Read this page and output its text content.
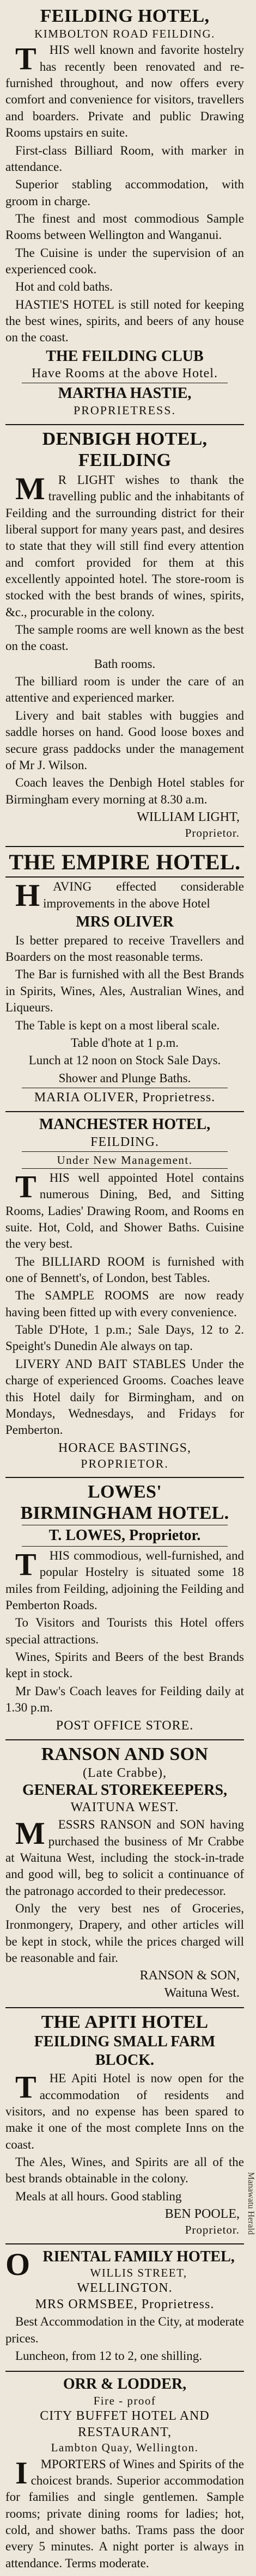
FEILDING HOTEL,
KIMBOLTON ROAD FEILDING.

THIS well known and favorite hostelry has recently been renovated and re-furnished throughout, and now offers every comfort and convenience for visitors, travellers and boarders. Private and public Drawing Rooms upstairs en suite.

First-class Billiard Room, with marker in attendance.

Superior stabling accommodation, with groom in charge.

The finest and most commodious Sample Rooms between Wellington and Wanganui.

The Cuisine is under the supervision of an experienced cook.

Hot and cold baths.

HASTIE'S HOTEL is still noted for keeping the best wines, spirits, and beers of any house on the coast.

THE FEILDING CLUB
Have Rooms at the above Hotel.
MARTHA HASTIE,
PROPRIETRESS.
DENBIGH HOTEL, FEILDING

MR LIGHT wishes to thank the travelling public and the inhabitants of Feilding and the surrounding district for their liberal support for many years past, and desires to state that they will still find every attention and comfort provided for them at this excellently appointed hotel. The store-room is stocked with the best brands of wines, spirits, &c., procurable in the colony.

The sample rooms are well known as the best on the coast.

Bath rooms.

The billiard room is under the care of an attentive and experienced marker.

Livery and bait stables with buggies and saddle horses on hand. Good loose boxes and secure grass paddocks under the management of Mr J. Wilson.

Coach leaves the Denbigh Hotel stables for Birmingham every morning at 8.30 a.m.

WILLIAM LIGHT,
Proprietor.
THE EMPIRE HOTEL.

HAVING effected considerable improvements in the above Hotel

MRS OLIVER

Is better prepared to receive Travellers and Boarders on the most reasonable terms.

The Bar is furnished with all the Best Brands in Spirits, Wines, Ales, Australian Wines, and Liqueurs.

The Table is kept on a most liberal scale.

Table d'hote at 1 p.m.

Lunch at 12 noon on Stock Sale Days.

Shower and Plunge Baths.

MARIA OLIVER, Proprietress.
MANCHESTER HOTEL,
FEILDING.
Under New Management.

THIS well appointed Hotel contains numerous Dining, Bed, and Sitting Rooms, Ladies' Drawing Room, and Rooms en suite. Hot, Cold, and Shower Baths. Cuisine the very best.

The BILLIARD ROOM is furnished with one of Bennett's, of London, best Tables.

The SAMPLE ROOMS are now ready having been fitted up with every convenience.

Table D'Hote, 1 p.m.; Sale Days, 12 to 2. Speight's Dunedin Ale always on tap.

LIVERY AND BAIT STABLES Under the charge of experienced Grooms. Coaches leave this Hotel daily for Birmingham, and on Mondays, Wednesdays, and Fridays for Pemberton.

HORACE BASTINGS,
PROPRIETOR.
LOWES'
BIRMINGHAM HOTEL.
T. LOWES, Proprietor.

THIS commodious, well-furnished, and popular Hostelry is situated some 18 miles from Feilding, adjoining the Feilding and Pemberton Roads.

To Visitors and Tourists this Hotel offers special attractions.

Wines, Spirits and Beers of the best Brands kept in stock.

Mr Daw's Coach leaves for Feilding daily at 1.30 p.m.

POST OFFICE STORE.
RANSON AND SON
(Late Crabbe),
GENERAL STOREKEEPERS,
WAITUNA WEST.

MESSRS RANSON and SON having purchased the business of Mr Crabbe at Waituna West, including the stock-in-trade and good will, beg to solicit a continuance of the patronago accorded to their predecessor.

Only the very best nes of Groceries, Ironmongery, Drapery, and other articles will be kept in stock, while the prices charged will be reasonable and fair.

RANSON & SON,
Waituna West.
THE APITI HOTEL
FEILDING SMALL FARM BLOCK.

THE Apiti Hotel is now open for the accommodation of residents and visitors, and no expense has been spared to make it one of the most complete Inns on the coast.

The Ales, Wines, and Spirits are all of the best brands obtainable in the colony.

Meals at all hours. Good stabling

BEN POOLE,
Proprietor.
ORIENTAL FAMILY HOTEL,
WILLIS STREET,
WELLINGTON.
MRS ORMSBEE, Proprietress.

Best Accommodation in the City, at moderate prices.

Luncheon, from 12 to 2, one shilling.

ORR & LODDER,
Fire - proof
CITY BUFFET HOTEL AND RESTAURANT,
Lambton Quay, Wellington.

IMPORTERS of Wines and Spirits of the choicest brands. Superior accommodation for families and single gentlemen. Sample rooms; private dining rooms for ladies; hot, cold, and shower baths. Trams pass the door every 5 minutes. A night porter is always in attendance. Terms moderate.

Manawatu Herald
